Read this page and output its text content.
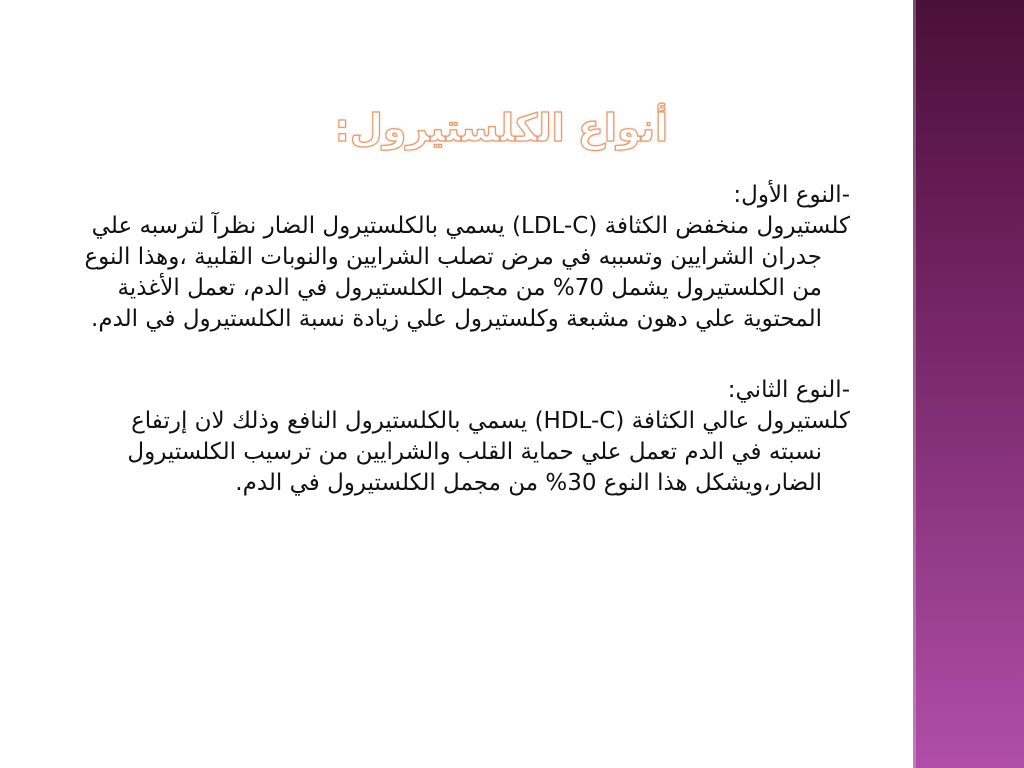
أنواع الكلستيرول:

-النوع الأول:

كلستيرول منخفض الكثافة (LDL-C) يسمي بالكلستيرول الضار نظرآ لترسبه علي جدران الشرايين وتسببه في مرض تصلب الشرايين والنوبات القلبية ،وهذا النوع من الكلستيرول يشمل 70% من مجمل الكلستيرول في الدم، تعمل الأغذية المحتوية علي دهون مشبعة وكلستيرول علي زيادة نسبة الكلستيرول في الدم.

-النوع الثاني:

كلستيرول عالي الكثافة (HDL-C) يسمي بالكلستيرول النافع وذلك لان إرتفاع نسبته في الدم تعمل علي حماية القلب والشرايين من ترسيب الكلستيرول الضار،ويشكل هذا النوع 30% من مجمل الكلستيرول في الدم.
